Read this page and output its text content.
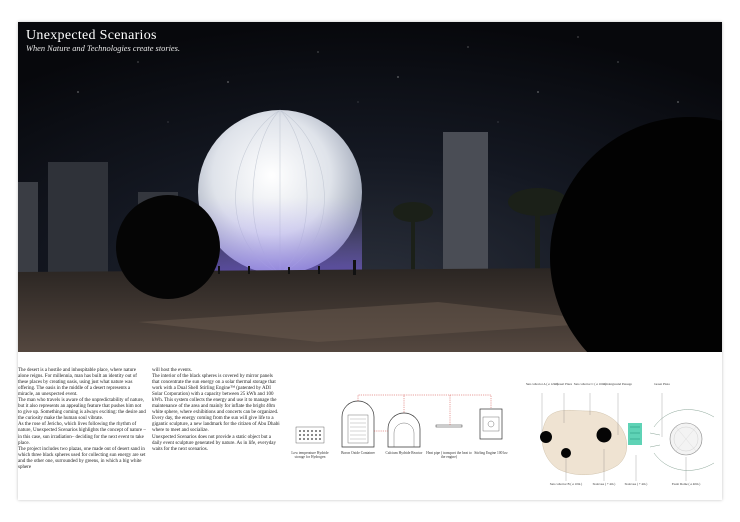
Unexpected Scenarios
When Nature and Technologies create stories.

The desert is a hostile and inhospitable place, where nature alone reigns. For millennia, man has built an identity out of these places by creating oasis, using just what nature was offering. The oasis in the middle of a desert represents a miracle, an unexpected event.

The man who travels is aware of the unpredictability of nature, but it also represents an appealing feature that pushes him not to give up. Something coming is always exciting: the desire and the curiosity make the human soul vibrate.

As the rose of Jericho, which lives following the rhythm of nature, Unexpected Scenarios highlights the concept of nature –in this case, sun irradiation– deciding for the next event to take place.

The project includes two plazas, one made out of desert sand in which three black spheres used for collecting sun energy are set and the other one, surrounded by greens, in which a big white sphere

will host the events.

The interior of the black spheres is covered by mirror panels that concentrate the sun energy on a solar thermal storage that work with a Dual Shell Stirling Engine™ (patented by ADI Solar Corporation) with a capacity between 25 kWh and 100 kWh. This system collects the energy and use it to manage the maintenance of the area and mainly for inflate the bright 40m white sphere, where exhibitions and concerts can be organized. Every day, the energy coming from the sun will give life to a gigantic sculpture, a new landmark for the citizen of Abu Dhabi where to meet and socialize.

Unexpected Scenarios does not provide a static object but a daily event sculpture generated by nature. As in life, everyday waits for the next scenarios.

Low temperature Hydride storage for Hydrogen
Boron Oxide Container	Calcium Hydride Reactor	Heat pipe ( transport the heat to the engine)
Stirling Engine 100 kw
Sun collector A ( ø 12m )
Desert Plaza Sun collector C ( ø 16m )
Underground Passage	Green Plaza
Sun collector B ( ø 10m )	Staircase ( + 4m )	Staircase ( + 4m )	Event Dome ( ø 40m )
